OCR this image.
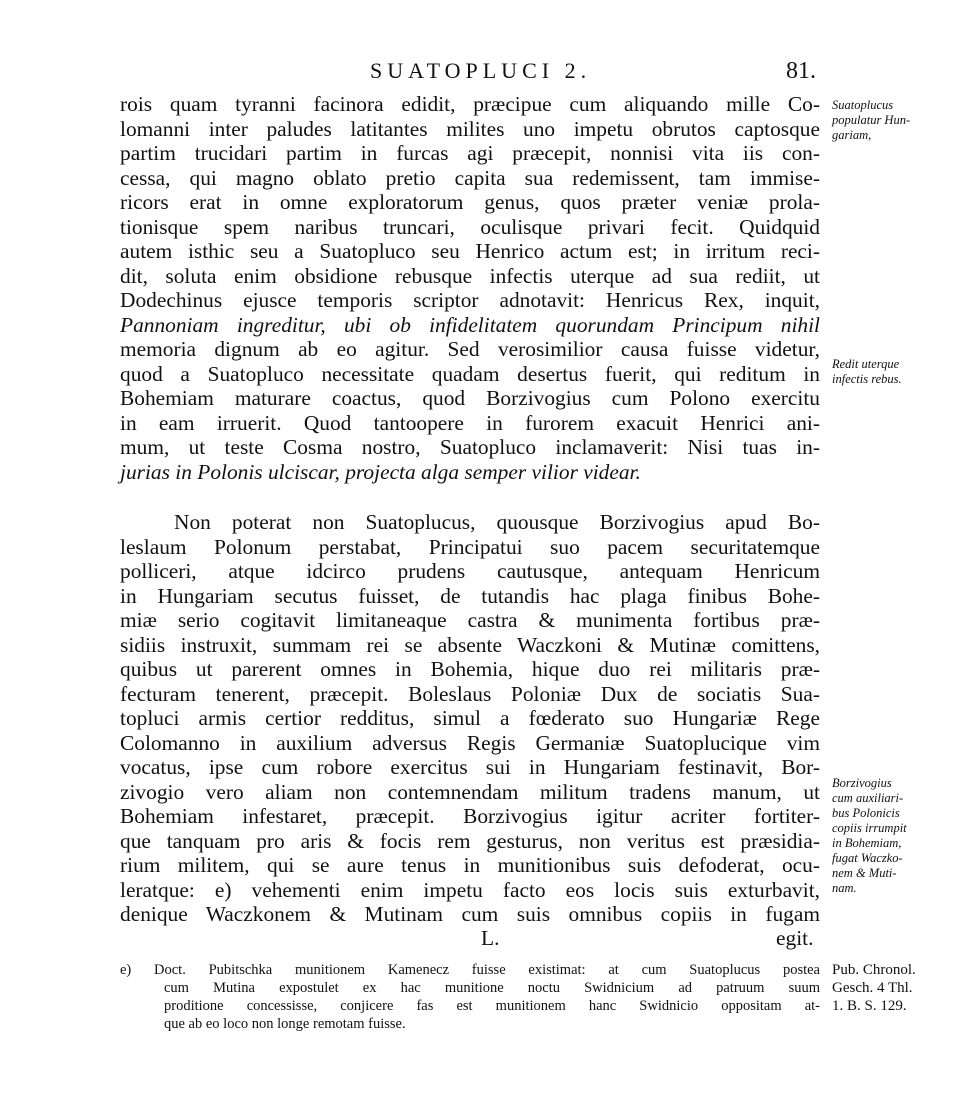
SUATOPLUCI 2.	81.
rois quam tyranni facinora edidit, præcipue cum aliquando mille Co-
lomanni inter paludes latitantes milites uno impetu obrutos captosque
partim trucidari partim in furcas agi præcepit, nonnisi vita iis con-
cessa, qui magno oblato pretio capita sua redemissent, tam immise-
ricors erat in omne exploratorum genus, quos præter veniæ prola-
tionisque spem naribus truncari, oculisque privari fecit. Quidquid
autem isthic seu a Suatopluco seu Henrico actum est; in irritum reci-
dit, soluta enim obsidione rebusque infectis uterque ad sua rediit, ut
Dodechinus ejusce temporis scriptor adnotavit: Henricus Rex, inquit,
Pannoniam ingreditur, ubi ob infidelitatem quorundam Principum nihil
memoria dignum ab eo agitur. Sed verosimilior causa fuisse videtur,
quod a Suatopluco necessitate quadam desertus fuerit, qui reditum in
Bohemiam maturare coactus, quod Borzivogius cum Polono exercitu
in eam irruerit. Quod tantoopere in furorem exacuit Henrici ani-
mum, ut teste Cosma nostro, Suatopluco inclamaverit: Nisi tuas in-
jurias in Polonis ulciscar, projecta alga semper vilior videar.
Non poterat non Suatoplucus, quousque Borzivogius apud Bo-
leslaum Polonum perstabat, Principatui suo pacem securitatemque
polliceri, atque idcirco prudens cautusque, antequam Henricum
in Hungariam secutus fuisset, de tutandis hac plaga finibus Bohe-
miæ serio cogitavit limitaneaque castra & munimenta fortibus præ-
sidiis instruxit, summam rei se absente Waczkoni & Mutinæ comittens,
quibus ut parerent omnes in Bohemia, hique duo rei militaris præ-
fecturam tenerent, præcepit. Boleslaus Poloniæ Dux de sociatis Sua-
topluci armis certior redditus, simul a fœderato suo Hungariæ Rege
Colomanno in auxilium adversus Regis Germaniæ Suatoplucique vim
vocatus, ipse cum robore exercitus sui in Hungariam festinavit, Bor-
zivogio vero aliam non contemnendam militum tradens manum, ut
Bohemiam infestaret, præcepit. Borzivogius igitur acriter fortiter-
que tanquam pro aris & focis rem gesturus, non veritus est præsidia-
rium militem, qui se aure tenus in munitionibus suis defoderat, ocu-
leratque: e) vehementi enim impetu facto eos locis suis exturbavit,
denique Waczkonem & Mutinam cum suis omnibus copiis in fugam
L.	egit.
Suatoplucus
populatur Hun-
gariam,
Redit uterque
infectis rebus.
Borzivogius
cum auxiliari-
bus Polonicis
copiis irrumpit
in Bohemiam,
fugat Waczko-
nem & Muti-
nam.
e) Doct. Pubitschka munitionem Kamenecz fuisse existimat: at cum Suatoplucus postea
cum Mutina expostulet ex hac munitione noctu Swidnicium ad patruum suum
proditione concessisse, conjicere fas est munitionem hanc Swidnicio oppositam at-
que ab eo loco non longe remotam fuisse.
Pub. Chronol.
Gesch. 4 Thl.
1. B. S. 129.
